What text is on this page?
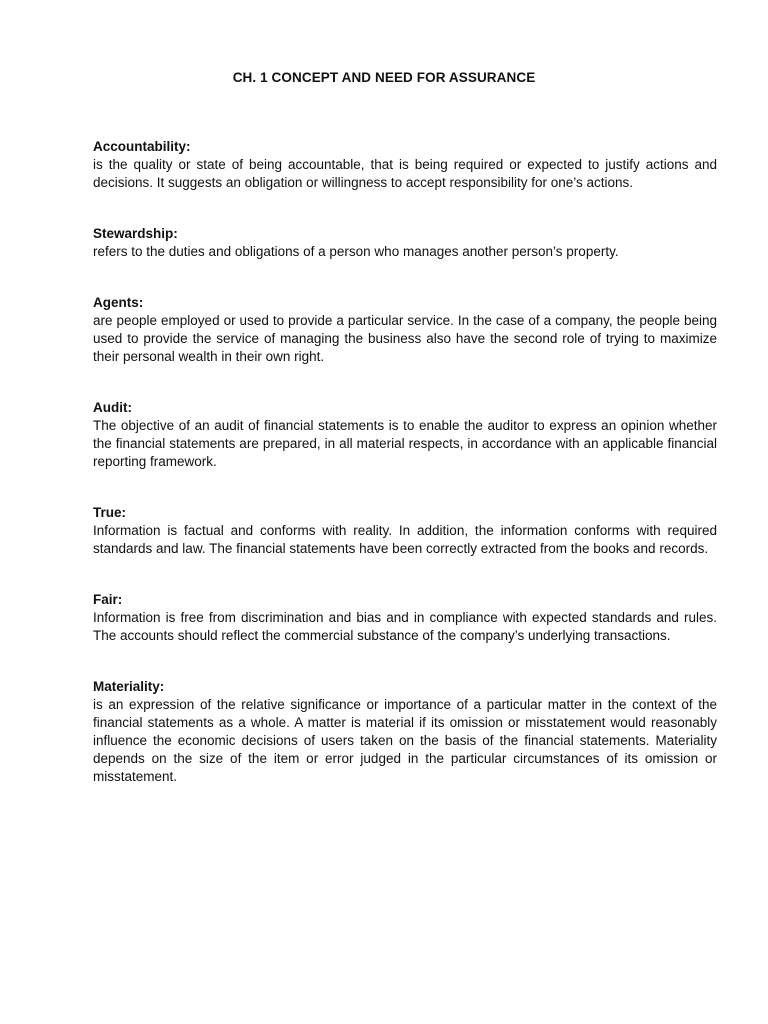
CH. 1 CONCEPT AND NEED FOR ASSURANCE
Accountability:
is the quality or state of being accountable, that is being required or expected to justify actions and decisions. It suggests an obligation or willingness to accept responsibility for one’s actions.
Stewardship:
refers to the duties and obligations of a person who manages another person’s property.
Agents:
are people employed or used to provide a particular service. In the case of a company, the people being used to provide the service of managing the business also have the second role of trying to maximize their personal wealth in their own right.
Audit:
The objective of an audit of financial statements is to enable the auditor to express an opinion whether the financial statements are prepared, in all material respects, in accordance with an applicable financial reporting framework.
True:
Information is factual and conforms with reality. In addition, the information conforms with required standards and law. The financial statements have been correctly extracted from the books and records.
Fair:
Information is free from discrimination and bias and in compliance with expected standards and rules. The accounts should reflect the commercial substance of the company’s underlying transactions.
Materiality:
is an expression of the relative significance or importance of a particular matter in the context of the financial statements as a whole. A matter is material if its omission or misstatement would reasonably influence the economic decisions of users taken on the basis of the financial statements. Materiality depends on the size of the item or error judged in the particular circumstances of its omission or misstatement.
